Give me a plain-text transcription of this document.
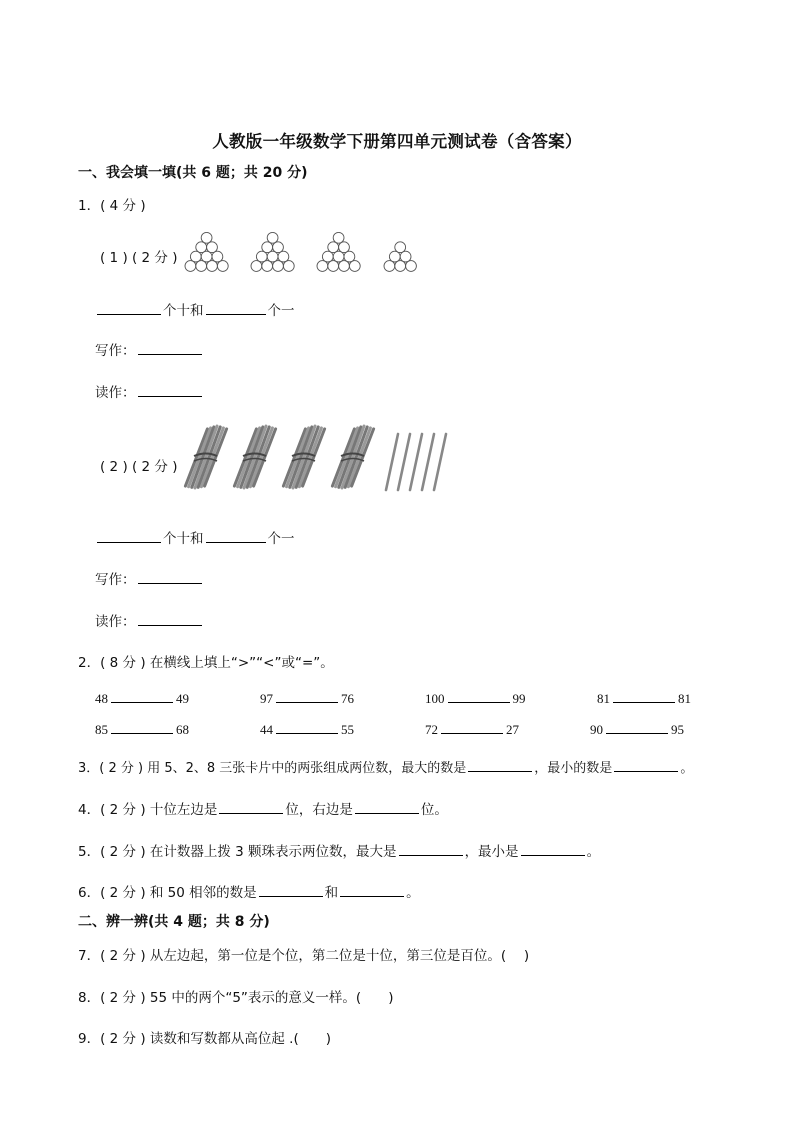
人教版一年级数学下册第四单元测试卷（含答案）
一、我会填一填(共 6 题；共 20 分)
1．( 4 分 )
( 1 ) ( 2 分 )
个十和	个一
写作：
读作：
( 2 ) ( 2 分 )
个十和	个一
写作：
读作：
2．( 8 分 ) 在横线上填上“>”“<”或“=”。
48	49	97	76	100	99	81	81
85	68	44	55	72	27	90	95
3．( 2 分 ) 用 5、2、8 三张卡片中的两张组成两位数，最大的数是	，最小的数是	。
4．( 2 分 ) 十位左边是	位，右边是	位。
5．( 2 分 ) 在计数器上拨 3 颗珠表示两位数，最大是	，最小是	。
6．( 2 分 ) 和 50 相邻的数是	和	。
二、辨一辨(共 4 题；共 8 分)
7．( 2 分 ) 从左边起，第一位是个位，第二位是十位，第三位是百位。(　 )
8．( 2 分 ) 55 中的两个“5”表示的意义一样。(　　)
9．( 2 分 ) 读数和写数都从高位起 .(　　)
